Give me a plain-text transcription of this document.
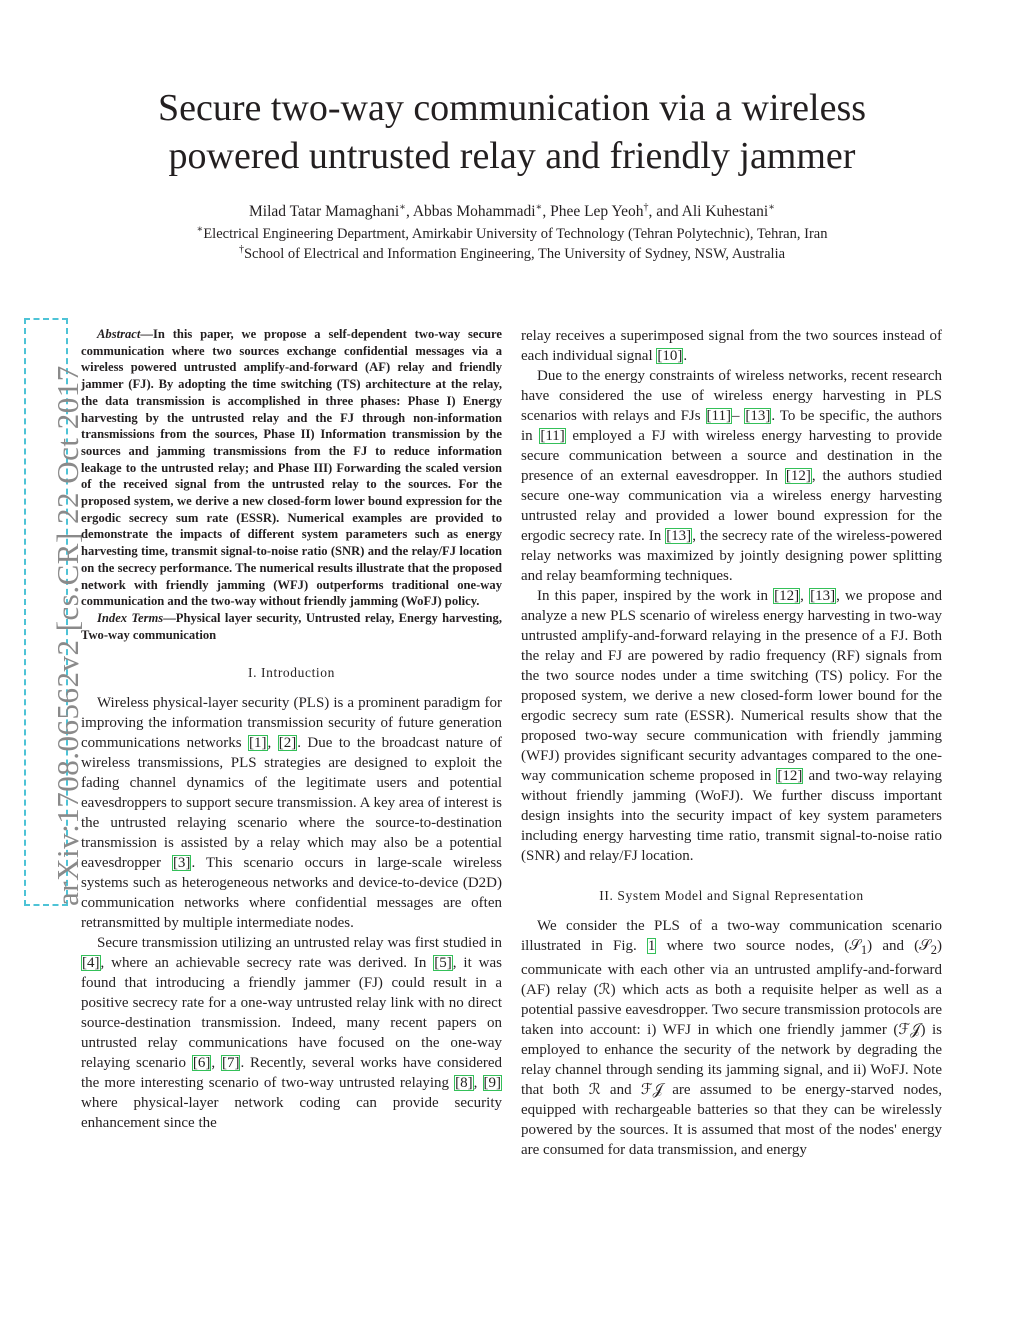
Secure two-way communication via a wireless
powered untrusted relay and friendly jammer
Milad Tatar Mamaghani∗, Abbas Mohammadi∗, Phee Lep Yeoh†, and Ali Kuhestani∗
∗Electrical Engineering Department, Amirkabir University of Technology (Tehran Polytechnic), Tehran, Iran
†School of Electrical and Information Engineering, The University of Sydney, NSW, Australia
arXiv:1708.06562v2 [cs.CR] 22 Oct 2017

Abstract—In this paper, we propose a self-dependent two-way secure communication where two sources exchange confidential messages via a wireless powered untrusted amplify-and-forward (AF) relay and friendly jammer (FJ). By adopting the time switching (TS) architecture at the relay, the data transmission is accomplished in three phases: Phase I) Energy harvesting by the untrusted relay and the FJ through non-information transmissions from the sources, Phase II) Information transmission by the sources and jamming transmissions from the FJ to reduce information leakage to the untrusted relay; and Phase III) Forwarding the scaled version of the received signal from the untrusted relay to the sources. For the proposed system, we derive a new closed-form lower bound expression for the ergodic secrecy sum rate (ESSR). Numerical examples are provided to demonstrate the impacts of different system parameters such as energy harvesting time, transmit signal-to-noise ratio (SNR) and the relay/FJ location on the secrecy performance. The numerical results illustrate that the proposed network with friendly jamming (WFJ) outperforms traditional one-way communication and the two-way without friendly jamming (WoFJ) policy.

Index Terms—Physical layer security, Untrusted relay, Energy harvesting, Two-way communication

I. Introduction

Wireless physical-layer security (PLS) is a prominent paradigm for improving the information transmission security of future generation communications networks [1], [2]. Due to the broadcast nature of wireless transmissions, PLS strategies are designed to exploit the fading channel dynamics of the legitimate users and potential eavesdroppers to support secure transmission. A key area of interest is the untrusted relaying scenario where the source-to-destination transmission is assisted by a relay which may also be a potential eavesdropper [3]. This scenario occurs in large-scale wireless systems such as heterogeneous networks and device-to-device (D2D) communication networks where confidential messages are often retransmitted by multiple intermediate nodes.

Secure transmission utilizing an untrusted relay was first studied in [4], where an achievable secrecy rate was derived. In [5], it was found that introducing a friendly jammer (FJ) could result in a positive secrecy rate for a one-way untrusted relay link with no direct source-destination transmission. Indeed, many recent papers on untrusted relay communications have focused on the one-way relaying scenario [6], [7]. Recently, several works have considered the more interesting scenario of two-way untrusted relaying [8], [9] where physical-layer network coding can provide security enhancement since the

relay receives a superimposed signal from the two sources instead of each individual signal [10].

Due to the energy constraints of wireless networks, recent research have considered the use of wireless energy harvesting in PLS scenarios with relays and FJs [11]– [13]. To be specific, the authors in [11] employed a FJ with wireless energy harvesting to provide secure communication between a source and destination in the presence of an external eavesdropper. In [12], the authors studied secure one-way communication via a wireless energy harvesting untrusted relay and provided a lower bound expression for the ergodic secrecy rate. In [13], the secrecy rate of the wireless-powered relay networks was maximized by jointly designing power splitting and relay beamforming techniques.

In this paper, inspired by the work in [12], [13], we propose and analyze a new PLS scenario of wireless energy harvesting in two-way untrusted amplify-and-forward relaying in the presence of a FJ. Both the relay and FJ are powered by radio frequency (RF) signals from the two source nodes under a time switching (TS) policy. For the proposed system, we derive a new closed-form lower bound for the ergodic secrecy sum rate (ESSR). Numerical results show that the proposed two-way secure communication with friendly jamming (WFJ) provides significant security advantages compared to the one-way communication scheme proposed in [12] and two-way relaying without friendly jamming (WoFJ). We further discuss important design insights into the security impact of key system parameters including energy harvesting time ratio, transmit signal-to-noise ratio (SNR) and relay/FJ location.

II. System Model and Signal Representation

We consider the PLS of a two-way communication scenario illustrated in Fig. 1 where two source nodes, (𝒮$_1$) and (𝒮$_2$) communicate with each other via an untrusted amplify-and-forward (AF) relay (ℛ) which acts as both a requisite helper as well as a potential passive eavesdropper. Two secure transmission protocols are taken into account: i) WFJ in which one friendly jammer (ℱ𝒥) is employed to enhance the security of the network by degrading the relay channel through sending its jamming signal, and ii) WoFJ. Note that both ℛ and ℱ𝒥 are assumed to be energy-starved nodes, equipped with rechargeable batteries so that they can be wirelessly powered by the sources. It is assumed that most of the nodes' energy are consumed for data transmission, and energy
